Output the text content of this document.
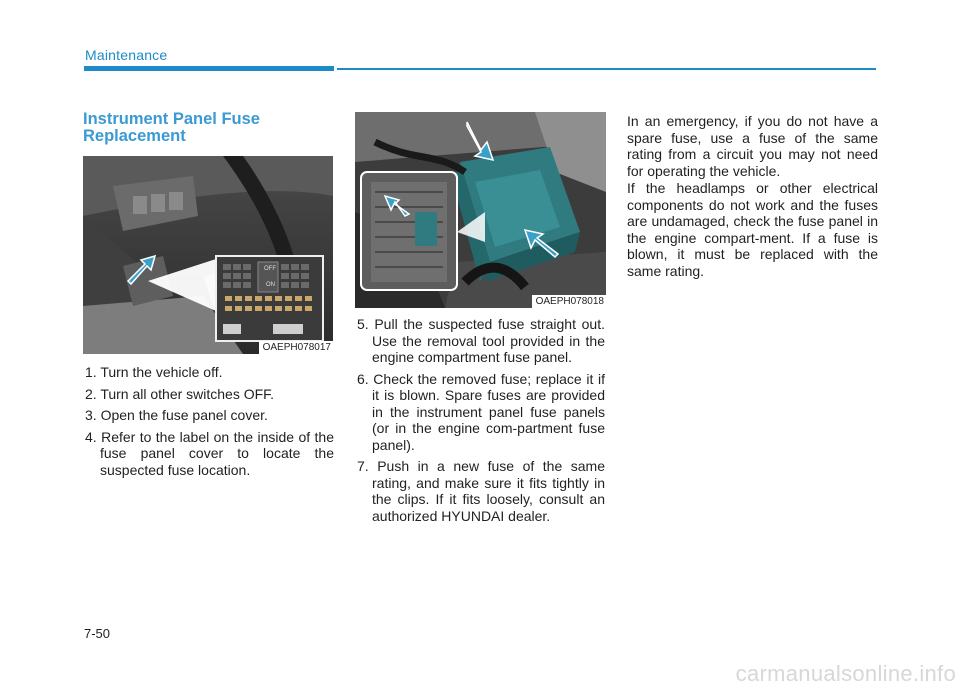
Maintenance
Instrument Panel Fuse Replacement
OFF
ON
OAEPH078017
OAEPH078018
1. Turn the vehicle off.
2. Turn all other switches OFF.
3. Open the fuse panel cover.
4. Refer to the label on the inside of the fuse panel cover to locate the suspected fuse location.
5. Pull the suspected fuse straight out. Use the removal tool provided in the engine compartment fuse panel.
6. Check the removed fuse; replace it if it is blown. Spare fuses are provided in the instrument panel fuse panels (or in the engine com-partment fuse panel).
7. Push in a new fuse of the same rating, and make sure it fits tightly in the clips. If it fits loosely, consult an authorized HYUNDAI dealer.

In an emergency, if you do not have a spare fuse, use a fuse of the same rating from a circuit you may not need for operating the vehicle.

If the headlamps or other electrical components do not work and the fuses are undamaged, check the fuse panel in the engine compart-ment. If a fuse is blown, it must be replaced with the same rating.

7-50
carmanualsonline.info
